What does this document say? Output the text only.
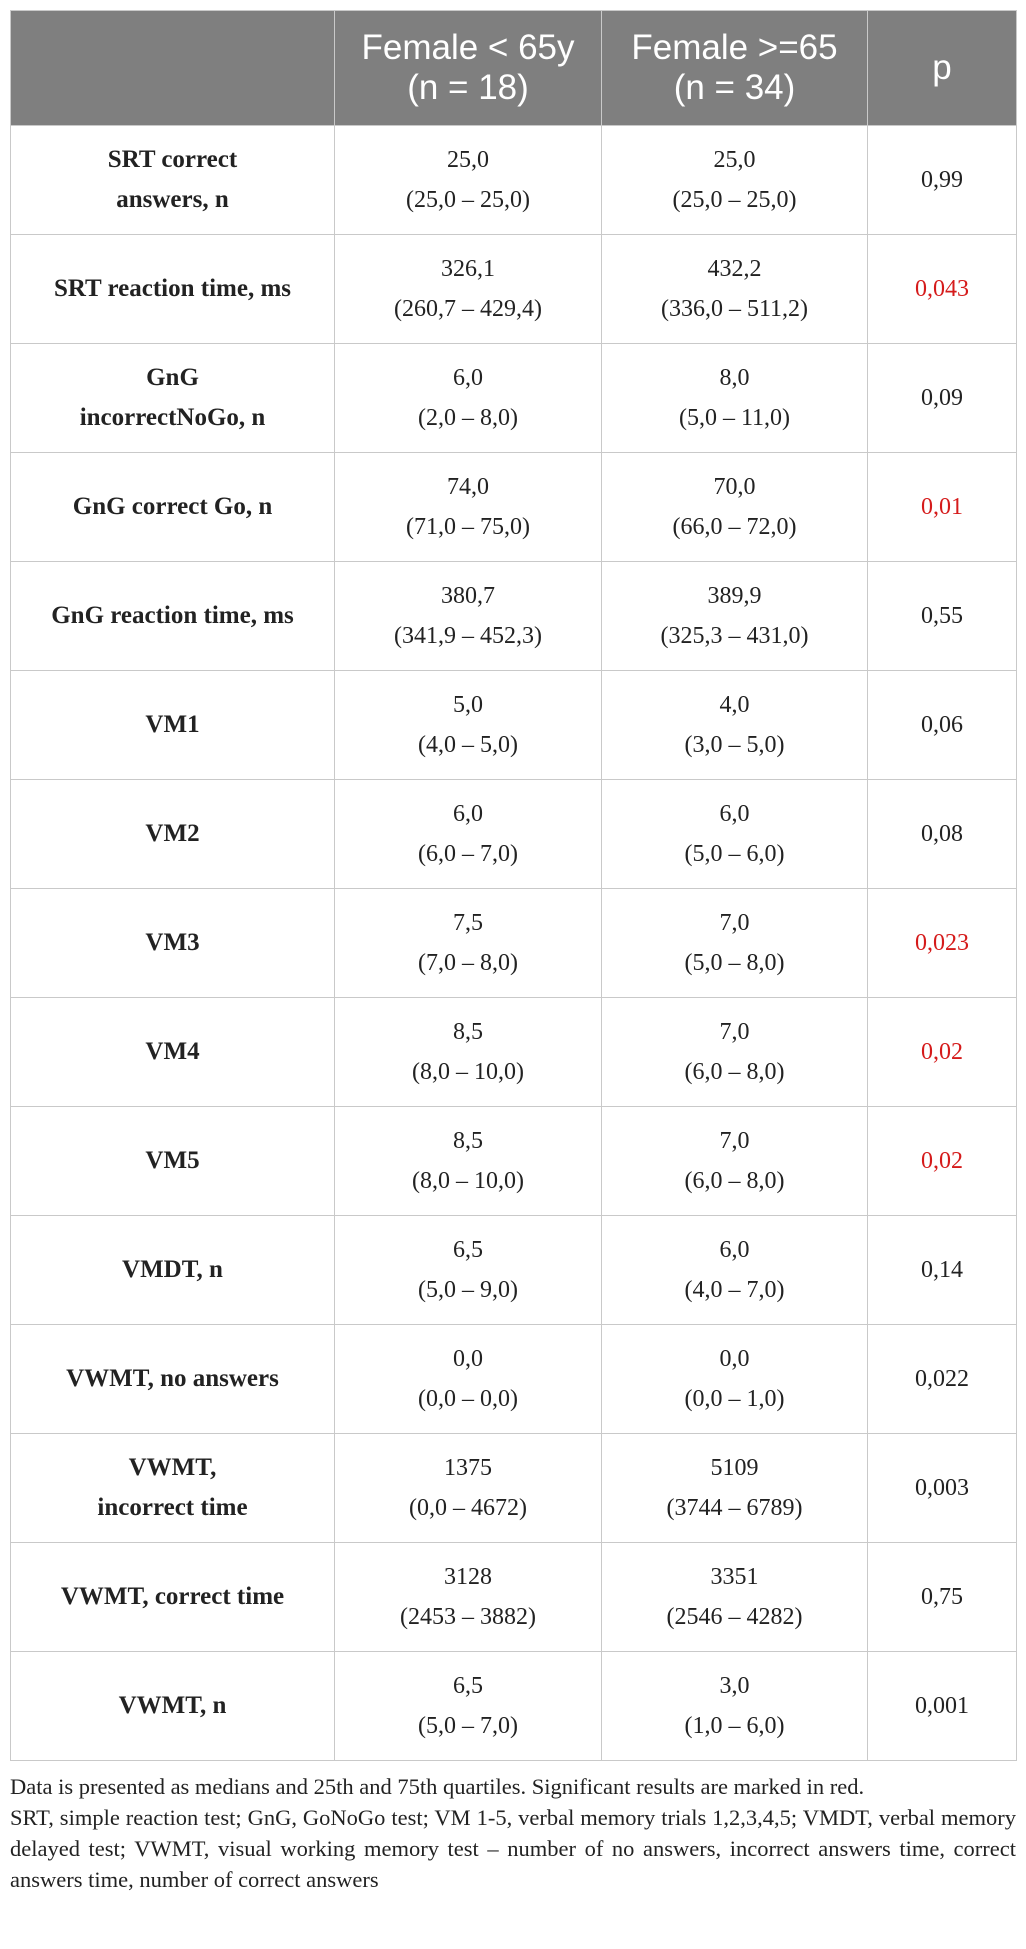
	Female < 65y
(n = 18)	Female >=65
(n = 34)	p

SRT correct
answers, n	25,0
(25,0 – 25,0)	25,0
(25,0 – 25,0)	0,99

SRT reaction time, ms	326,1
(260,7 – 429,4)	432,2
(336,0 – 511,2)	0,043

GnG
incorrectNoGo, n	6,0
(2,0 – 8,0)	8,0
(5,0 – 11,0)	0,09

GnG correct Go, n	74,0
(71,0 – 75,0)	70,0
(66,0 – 72,0)	0,01

GnG reaction time, ms	380,7
(341,9 – 452,3)	389,9
(325,3 – 431,0)	0,55

VM1	5,0
(4,0 – 5,0)	4,0
(3,0 – 5,0)	0,06

VM2	6,0
(6,0 – 7,0)	6,0
(5,0 – 6,0)	0,08

VM3	7,5
(7,0 – 8,0)	7,0
(5,0 – 8,0)	0,023

VM4	8,5
(8,0 – 10,0)	7,0
(6,0 – 8,0)	0,02

VM5	8,5
(8,0 – 10,0)	7,0
(6,0 – 8,0)	0,02

VMDT, n	6,5
(5,0 – 9,0)	6,0
(4,0 – 7,0)	0,14

VWMT, no answers	0,0
(0,0 – 0,0)	0,0
(0,0 – 1,0)	0,022

VWMT,
incorrect time	1375
(0,0 – 4672)	5109
(3744 – 6789)	0,003

VWMT, correct time	3128
(2453 – 3882)	3351
(2546 – 4282)	0,75

VWMT, n	6,5
(5,0 – 7,0)	3,0
(1,0 – 6,0)	0,001

Data is presented as medians and 25th and 75th quartiles. Significant results are marked in red.

SRT, simple reaction test; GnG, GoNoGo test; VM 1-5, verbal memory trials 1,2,3,4,5; VMDT, verbal memory delayed test; VWMT, visual working memory test – number of no answers, incorrect answers time, correct answers time, number of correct answers
